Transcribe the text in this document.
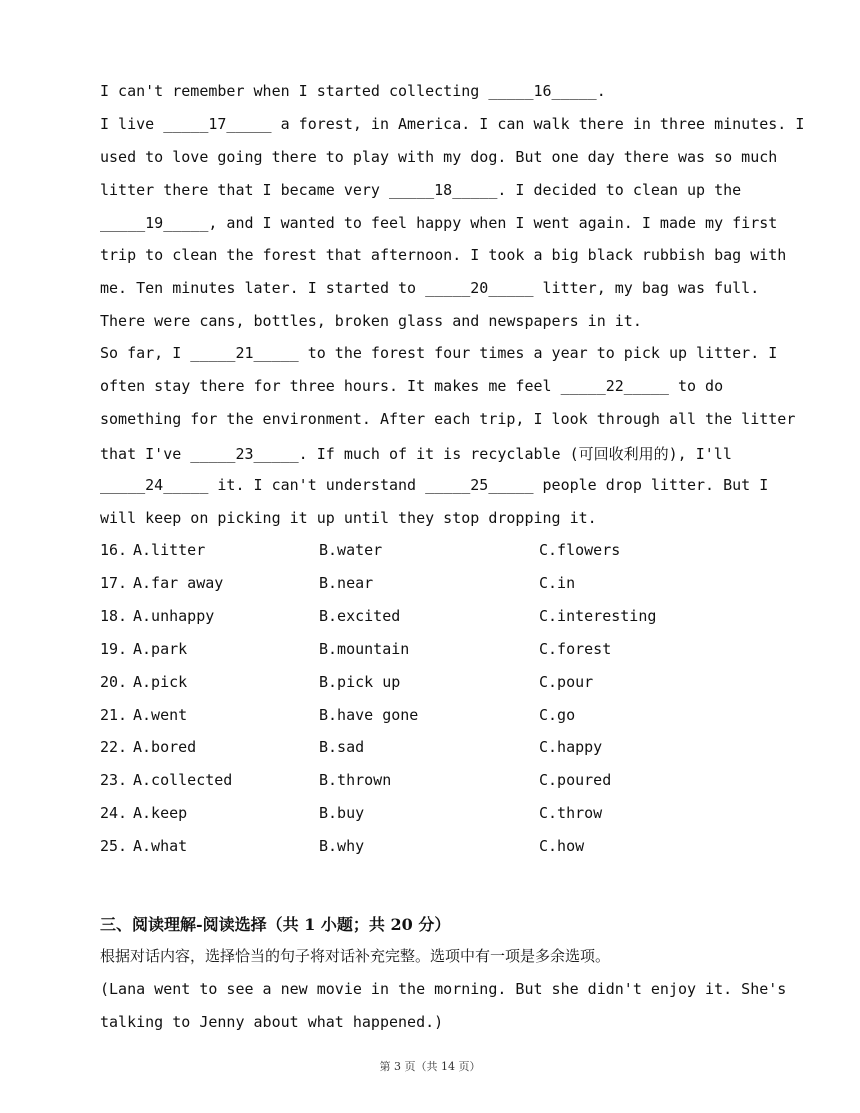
I can't remember when I started collecting _____16_____.
I live _____17_____ a forest, in America. I can walk there in three minutes. I
used to love going there to play with my dog. But one day there was so much
litter there that I became very _____18_____. I decided to clean up the
_____19_____, and I wanted to feel happy when I went again. I made my first
trip to clean the forest that afternoon. I took a big black rubbish bag with
me. Ten minutes later. I started to _____20_____ litter, my bag was full.
There were cans, bottles, broken glass and newspapers in it.
So far, I _____21_____ to the forest four times a year to pick up litter. I
often stay there for three hours. It makes me feel _____22_____ to do
something for the environment. After each trip, I look through all the litter
that I've _____23_____. If much of it is recyclable (可回收利用的), I'll
_____24_____ it. I can't understand _____25_____ people drop litter. But I
will keep on picking it up until they stop dropping it.
16. A.litter	B.water	C.flowers
17. A.far away	B.near	C.in
18. A.unhappy	B.excited	C.interesting
19. A.park	B.mountain	C.forest
20. A.pick	B.pick up	C.pour
21. A.went	B.have gone	C.go
22. A.bored	B.sad	C.happy
23. A.collected	B.thrown	C.poured
24. A.keep	B.buy	C.throw
25. A.what	B.why	C.how
三、阅读理解-阅读选择（共 1 小题；共 20 分）
根据对话内容，选择恰当的句子将对话补充完整。选项中有一项是多余选项。
(Lana went to see a new movie in the morning. But she didn't enjoy it. She's
talking to Jenny about what happened.)
第 3 页（共 14 页）
